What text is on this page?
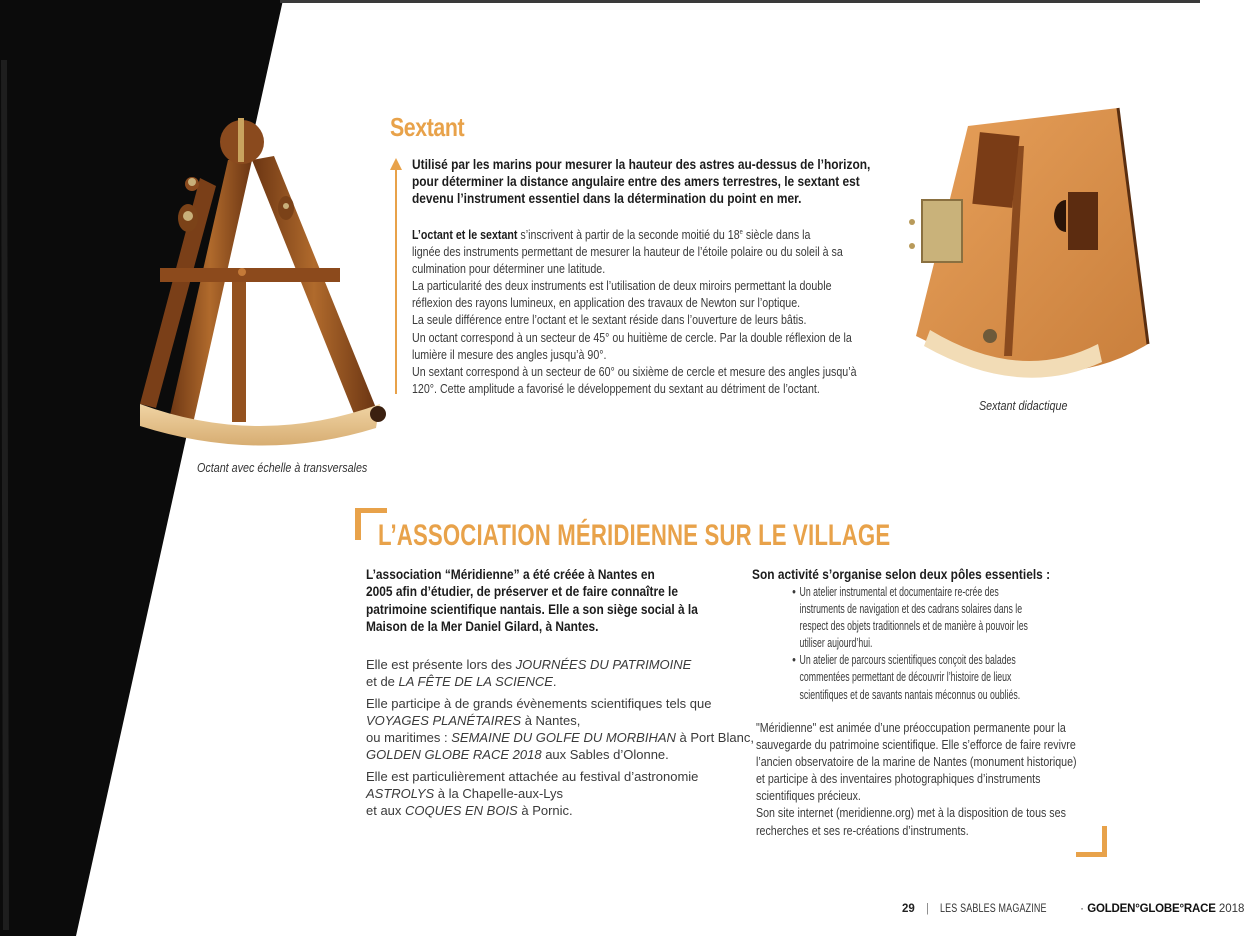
Sextant
Utilisé par les marins pour mesurer la hauteur des astres au-dessus de l’horizon,
pour déterminer la distance angulaire entre des amers terrestres, le sextant est
devenu l’instrument essentiel dans la détermination du point en mer.
L’octant et le sextant s’inscrivent à partir de la seconde moitié du 18e siècle dans la
lignée des instruments permettant de mesurer la hauteur de l’étoile polaire ou du soleil à sa
culmination pour déterminer une latitude.
La particularité des deux instruments est l’utilisation de deux miroirs permettant la double
réflexion des rayons lumineux, en application des travaux de Newton sur l’optique.
La seule différence entre l’octant et le sextant réside dans l’ouverture de leurs bâtis.
Un octant correspond à un secteur de 45° ou huitième de cercle. Par la double réflexion de la
lumière il mesure des angles jusqu’à 90°.
Un sextant correspond à un secteur de 60° ou sixième de cercle et mesure des angles jusqu’à
120°. Cette amplitude a favorisé le développement du sextant au détriment de l’octant.
Sextant didactique
Octant avec échelle à transversales
L’ASSOCIATION MÉRIDIENNE SUR LE VILLAGE
L’association “Méridienne” a été créée à Nantes en
2005 afin d’étudier, de préserver et de faire connaître le
patrimoine scientifique nantais. Elle a son siège social à la
Maison de la Mer Daniel Gilard, à Nantes.

Elle est présente lors des JOURNÉES DU PATRIMOINE
et de LA FÊTE DE LA SCIENCE.

Elle participe à de grands évènements scientifiques tels que
VOYAGES PLANÉTAIRES à Nantes,
ou maritimes : SEMAINE DU GOLFE DU MORBIHAN à Port Blanc,
GOLDEN GLOBE RACE 2018 aux Sables d’Olonne.

Elle est particulièrement attachée au festival d’astronomie
ASTROLYS à la Chapelle-aux-Lys
et aux COQUES EN BOIS à Pornic.

Son activité s’organise selon deux pôles essentiels :
• Un atelier instrumental et documentaire re-crée des
instruments de navigation et des cadrans solaires dans le
respect des objets traditionnels et de manière à pouvoir les
utiliser aujourd’hui.
• Un atelier de parcours scientifiques conçoit des balades
commentées permettant de découvrir l’histoire de lieux
scientifiques et de savants nantais méconnus ou oubliés.
"Méridienne" est animée d’une préoccupation permanente pour la
sauvegarde du patrimoine scientifique. Elle s’efforce de faire revivre
l’ancien observatoire de la marine de Nantes (monument historique)
et participe à des inventaires photographiques d’instruments
scientifiques précieux.
Son site internet (meridienne.org) met à la disposition de tous ses
recherches et ses re-créations d’instruments.
29 | LES SABLES MAGAZINE	· GOLDEN°GLOBE°RACE 2018
